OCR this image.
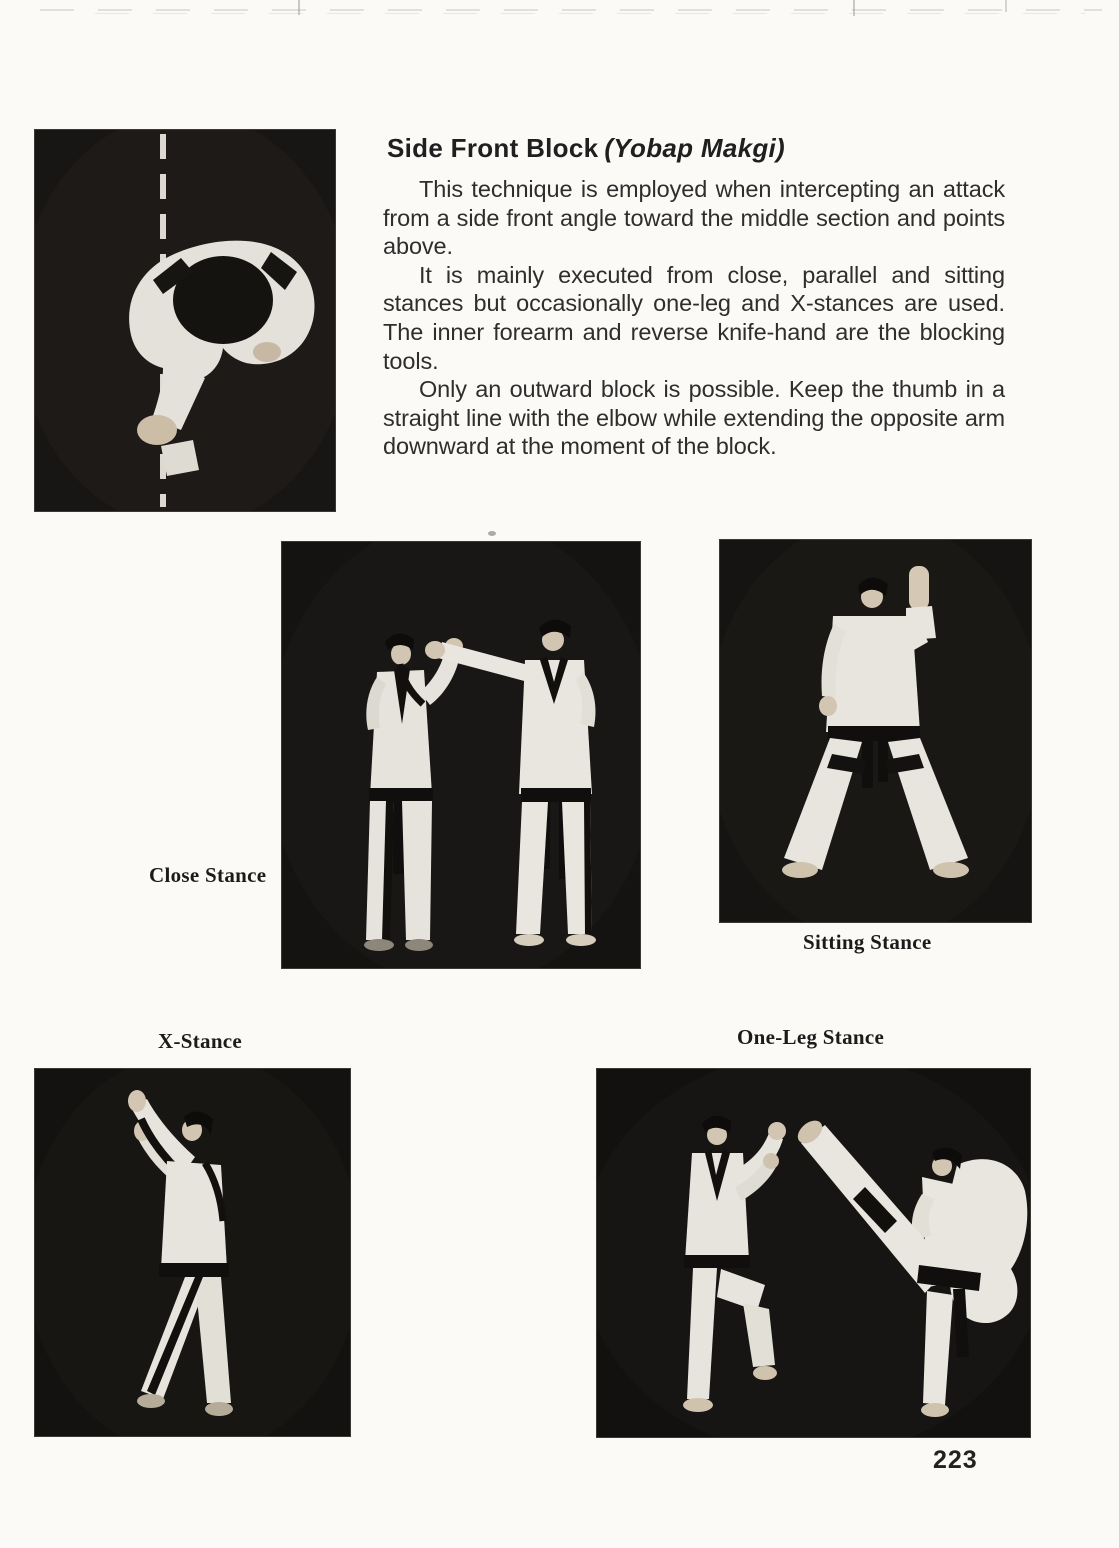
Side Front Block (Yobap Makgi)

This technique is employed when intercepting an attack from a side front angle toward the middle section and points above.

It is mainly executed from close, parallel and sitting stances but occasionally one-leg and X-stances are used. The inner forearm and reverse knife-hand are the blocking tools.

Only an outward block is possible. Keep the thumb in a straight line with the elbow while extending the opposite arm downward at the moment of the block.

Close Stance
Sitting Stance
X-Stance	One-Leg Stance
223
